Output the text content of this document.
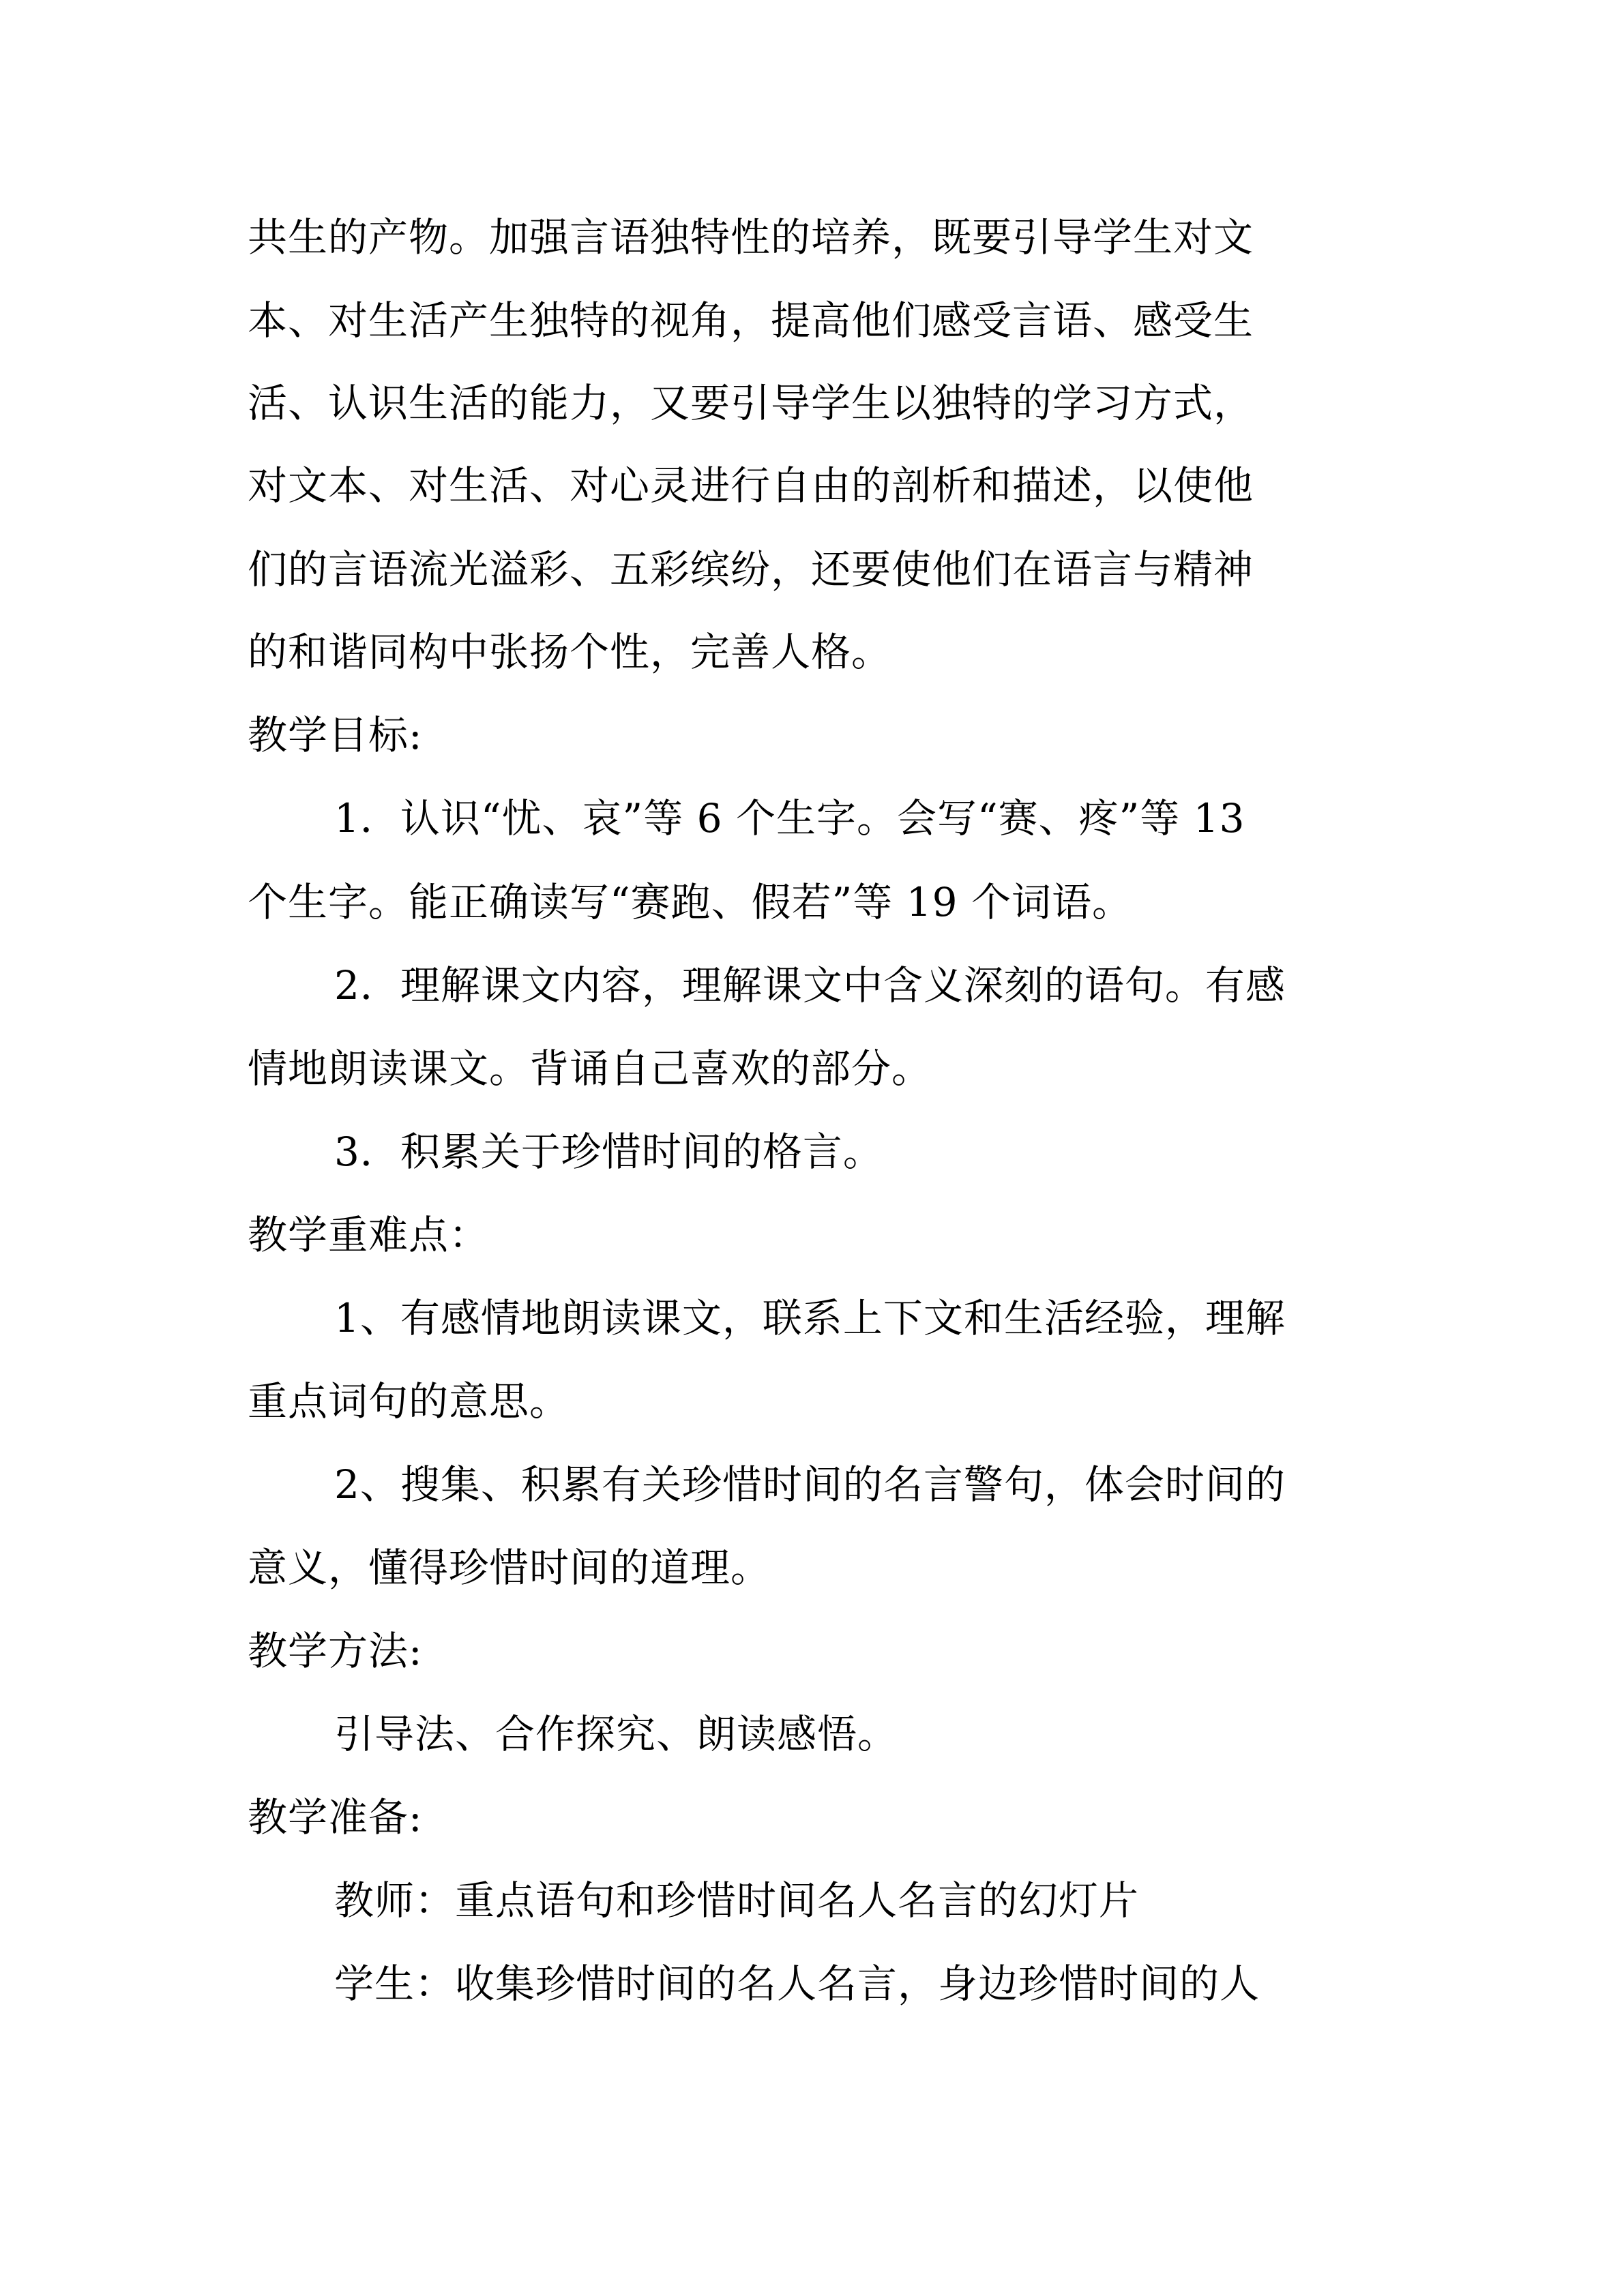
共生的产物。加强言语独特性的培养，既要引导学生对文
本、对生活产生独特的视角，提高他们感受言语、感受生
活、认识生活的能力，又要引导学生以独特的学习方式，
对文本、对生活、对心灵进行自由的剖析和描述，以使他
们的言语流光溢彩、五彩缤纷，还要使他们在语言与精神
的和谐同构中张扬个性，完善人格。
教学目标:
1．认识“忧、哀”等 6 个生字。会写“赛、疼”等 13
个生字。能正确读写“赛跑、假若”等 19 个词语。
2．理解课文内容，理解课文中含义深刻的语句。有感
情地朗读课文。背诵自己喜欢的部分。
3．积累关于珍惜时间的格言。
教学重难点：
1、有感情地朗读课文，联系上下文和生活经验，理解
重点词句的意思。
2、搜集、积累有关珍惜时间的名言警句，体会时间的
意义，懂得珍惜时间的道理。
教学方法:
引导法、合作探究、朗读感悟。
教学准备:
教师：重点语句和珍惜时间名人名言的幻灯片
学生：收集珍惜时间的名人名言，身边珍惜时间的人
